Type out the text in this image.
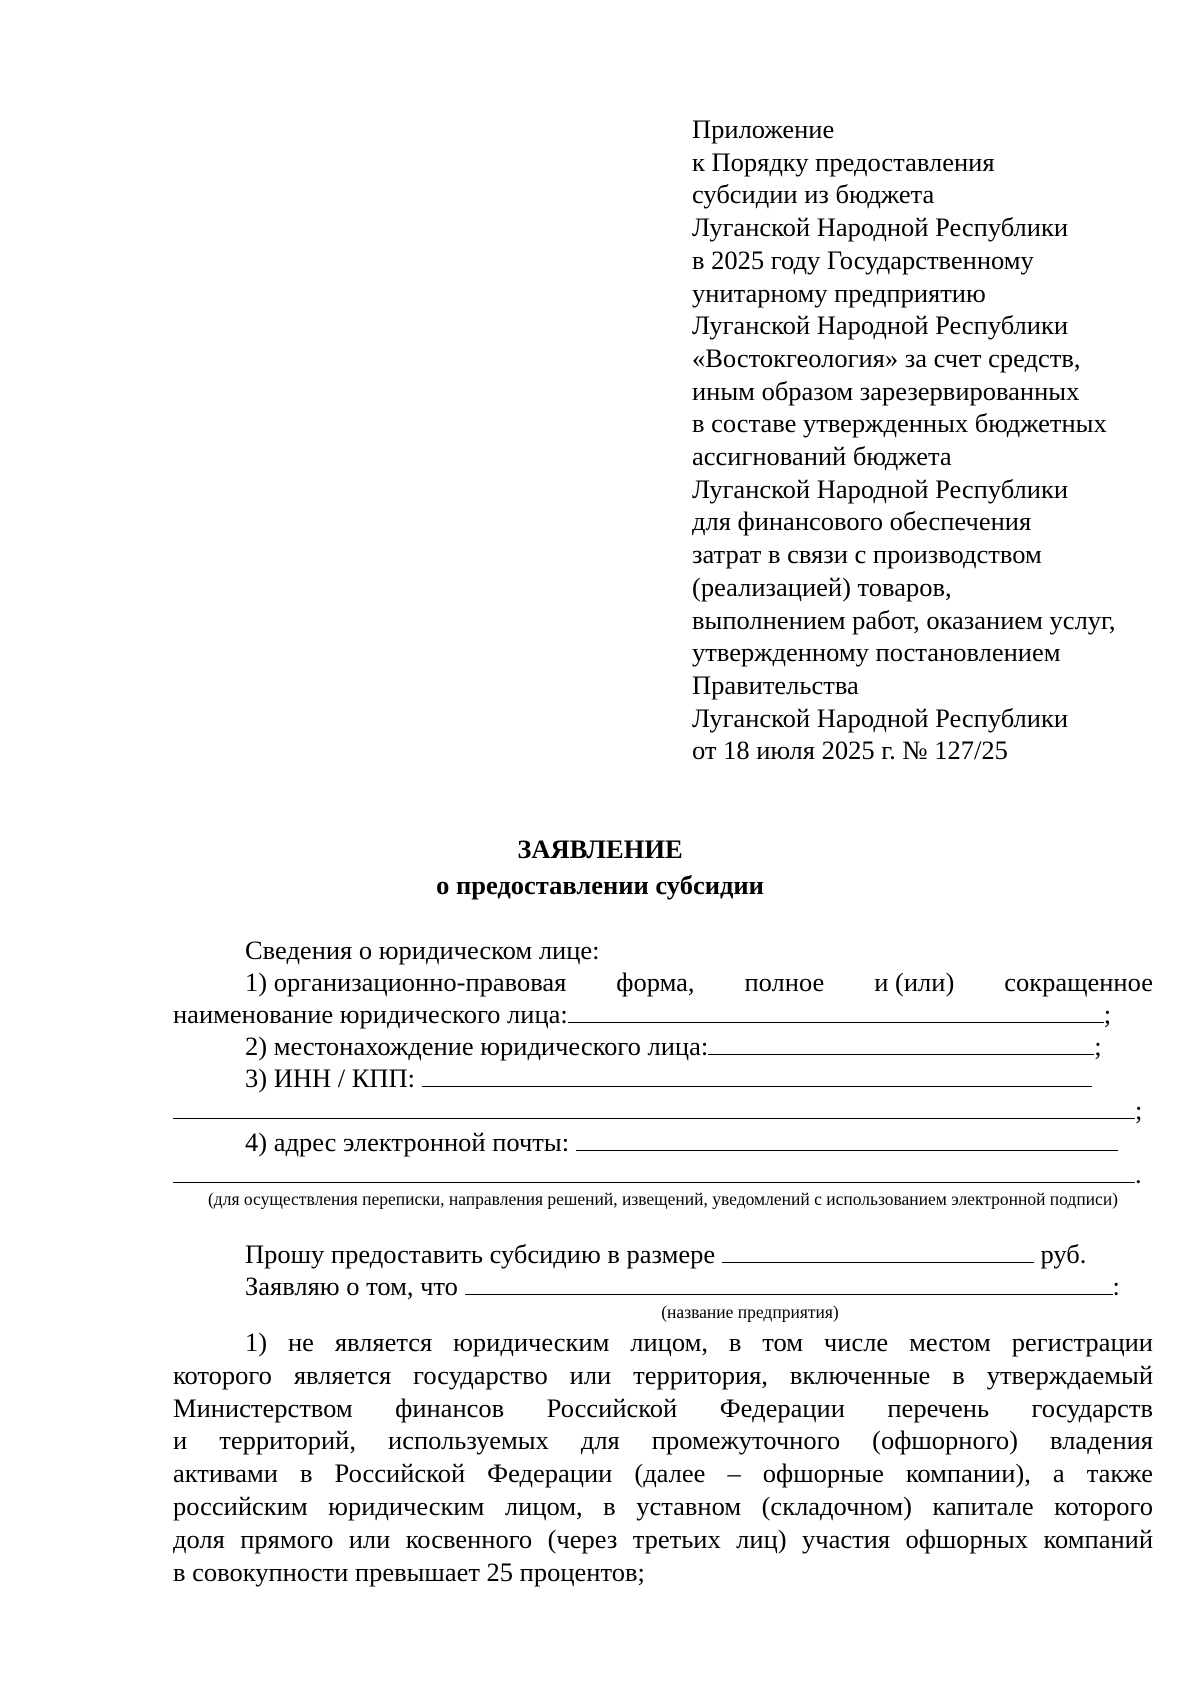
Приложение
к Порядку предоставления
субсидии из бюджета
Луганской Народной Республики
в 2025 году Государственному
унитарному предприятию
Луганской Народной Республики
«Востокгеология» за счет средств,
иным образом зарезервированных
в составе утвержденных бюджетных
ассигнований бюджета
Луганской Народной Республики
для финансового обеспечения
затрат в связи с производством
(реализацией) товаров,
выполнением работ, оказанием услуг,
утвержденному постановлением
Правительства
Луганской Народной Республики
от 18 июля 2025 г. № 127/25
ЗАЯВЛЕНИЕ
о предоставлении субсидии
Сведения о юридическом лице:
1) организационно-правовая форма, полное и (или) сокращенное
наименование юридического лица:	;
2) местонахождение юридического лица:	;
3) ИНН / КПП:
;
4) адрес электронной почты:
.
(для осуществления переписки, направления решений, извещений, уведомлений с использованием электронной подписи)
Прошу предоставить субсидию в размере	руб.
Заявляю о том, что	:
(название предприятия)
1) не является юридическим лицом, в том числе местом регистрации
которого является государство или территория, включенные в утверждаемый
Министерством финансов Российской Федерации перечень государств
и территорий, используемых для промежуточного (офшорного) владения
активами в Российской Федерации (далее – офшорные компании), а также
российским юридическим лицом, в уставном (складочном) капитале которого
доля прямого или косвенного (через третьих лиц) участия офшорных компаний
в совокупности превышает 25 процентов;
